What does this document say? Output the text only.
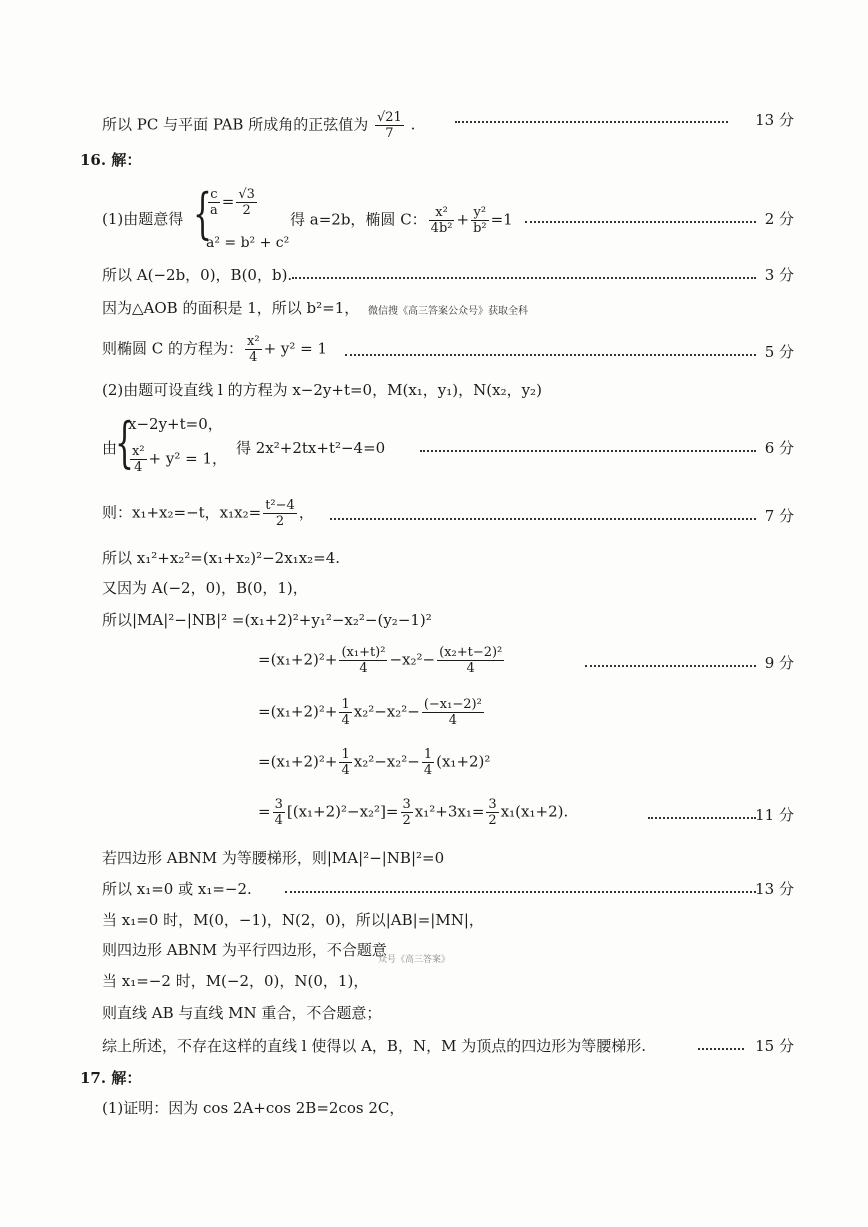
所以 PC 与平面 PAB 所成角的正弦值为 $\frac{√21}{7}$ .	13 分
16. 解：
(1)由题意得 {
$\frac{c}{a} = \frac{√3}{2}$
a² = b² + c²
得 a=2b，椭圆 C： $\frac{\text{x²}}{\text{4b²}} + \frac{\text{y²}}{\text{b²}} =1$	2 分
所以 A(−2b，0)，B(0，b).	3 分
因为△AOB 的面积是 1，所以 b²=1， 微信搜《高三答案公众号》获取全科
则椭圆 C 的方程为： $\frac{\text{x²}}{4} + y^2 = 1$	5 分
(2)由题可设直线 l 的方程为 x−2y+t=0，M(x₁，y₁)，N(x₂，y₂)
由
{
x−2y+t=0，
$\frac{\text{x²}}{4} + y^2 = 1$，
得 2x²+2tx+t²−4=0	6 分
则：x₁+x₂=−t，$x_1x_2= \frac{\text{t²−4}}{2}$ ，	7 分
所以 x₁²+x₂²=(x₁+x₂)²−2x₁x₂=4.
又因为 A(−2，0)，B(0，1)，
所以|MA|²−|NB|² =(x₁+2)²+y₁²−x₂²−(y₂−1)²
$=(x_1+2)^2+ \frac{\text{(x₁+t)²}}{4} -x_2^2- \frac{\text{(x₂+t−2)²}}{4}$	9 分
$=(x_1+2)^2+ \frac{1}{4} x_2^2-x_2^2- \frac{\text{(−x₁−2)²}}{4}$
$=(x_1+2)^2+ \frac{1}{4} x_2^2-x_2^2- \frac{1}{4} (x_1+2)^2$
= $\frac{3}{4} [(x_1+2)^2-x_2^2]= \frac{3}{2} x_1^2+3x_1= \frac{3}{2} x_1(x_1+2)$.	11 分
若四边形 ABNM 为等腰梯形，则|MA|²−|NB|²=0
所以 x₁=0 或 x₁=−2.	13 分
当 x₁=0 时，M(0，−1)，N(2，0)，所以|AB|=|MN|，
则四边形 ABNM 为平行四边形，不合题意
众号《高三答案》
当 x₁=−2 时，M(−2，0)，N(0，1)，
则直线 AB 与直线 MN 重合，不合题意；
综上所述，不存在这样的直线 l 使得以 A，B，N，M 为顶点的四边形为等腰梯形.	15 分
17. 解：
(1)证明：因为 cos 2A+cos 2B=2cos 2C，
